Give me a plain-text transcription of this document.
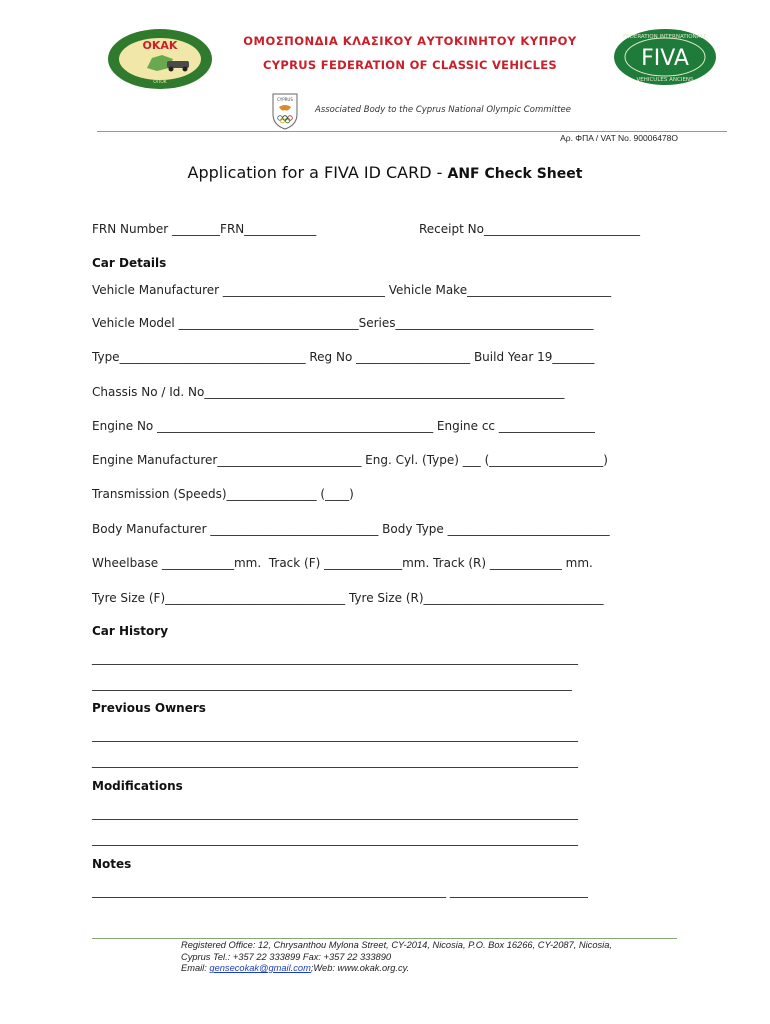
OKAK
ΟΠΟΚ
FIVA
FEDERATION INTERNATIONALE
VEHICULES ANCIENS
ΟΜΟΣΠΟΝΔΙΑ ΚΛΑΣΙΚΟΥ ΑΥΤΟΚΙΝΗΤΟΥ ΚΥΠΡΟΥ
CYPRUS FEDERATION OF CLASSIC VEHICLES
CYPRUS
Associated Body to the Cyprus National Olympic Committee
Αρ. ΦΠΑ / VAT No. 90006478O
Application for a FIVA ID CARD - ANF Check Sheet
FRN Number ________FRN____________	Receipt No__________________________
Car Details
Vehicle Manufacturer ___________________________ Vehicle Make________________________
Vehicle Model ______________________________Series_________________________________
Type_______________________________ Reg No ___________________ Build Year 19_______
Chassis No / Id. No____________________________________________________________
Engine No ______________________________________________ Engine cc ________________
Engine Manufacturer________________________ Eng. Cyl. (Type) ___ (___________________)
Transmission (Speeds)_______________ (____)
Body Manufacturer ____________________________ Body Type ___________________________
Wheelbase ____________mm.  Track (F) _____________mm. Track (R) ____________ mm.
Tyre Size (F)______________________________ Tyre Size (R)______________________________
Car History
_________________________________________________________________________________
________________________________________________________________________________
Previous Owners
_________________________________________________________________________________
_________________________________________________________________________________
Modifications
_________________________________________________________________________________
_________________________________________________________________________________
Notes
___________________________________________________________ _______________________
Registered Office: 12, Chrysanthou Mylona Street, CY-2014, Nicosia, P.O. Box 16266, CY-2087, Nicosia,
Cyprus Tel.: +357 22 333899 Fax: +357 22 333890
Email: gensecokak@gmail.com;Web: www.okak.org.cy.
